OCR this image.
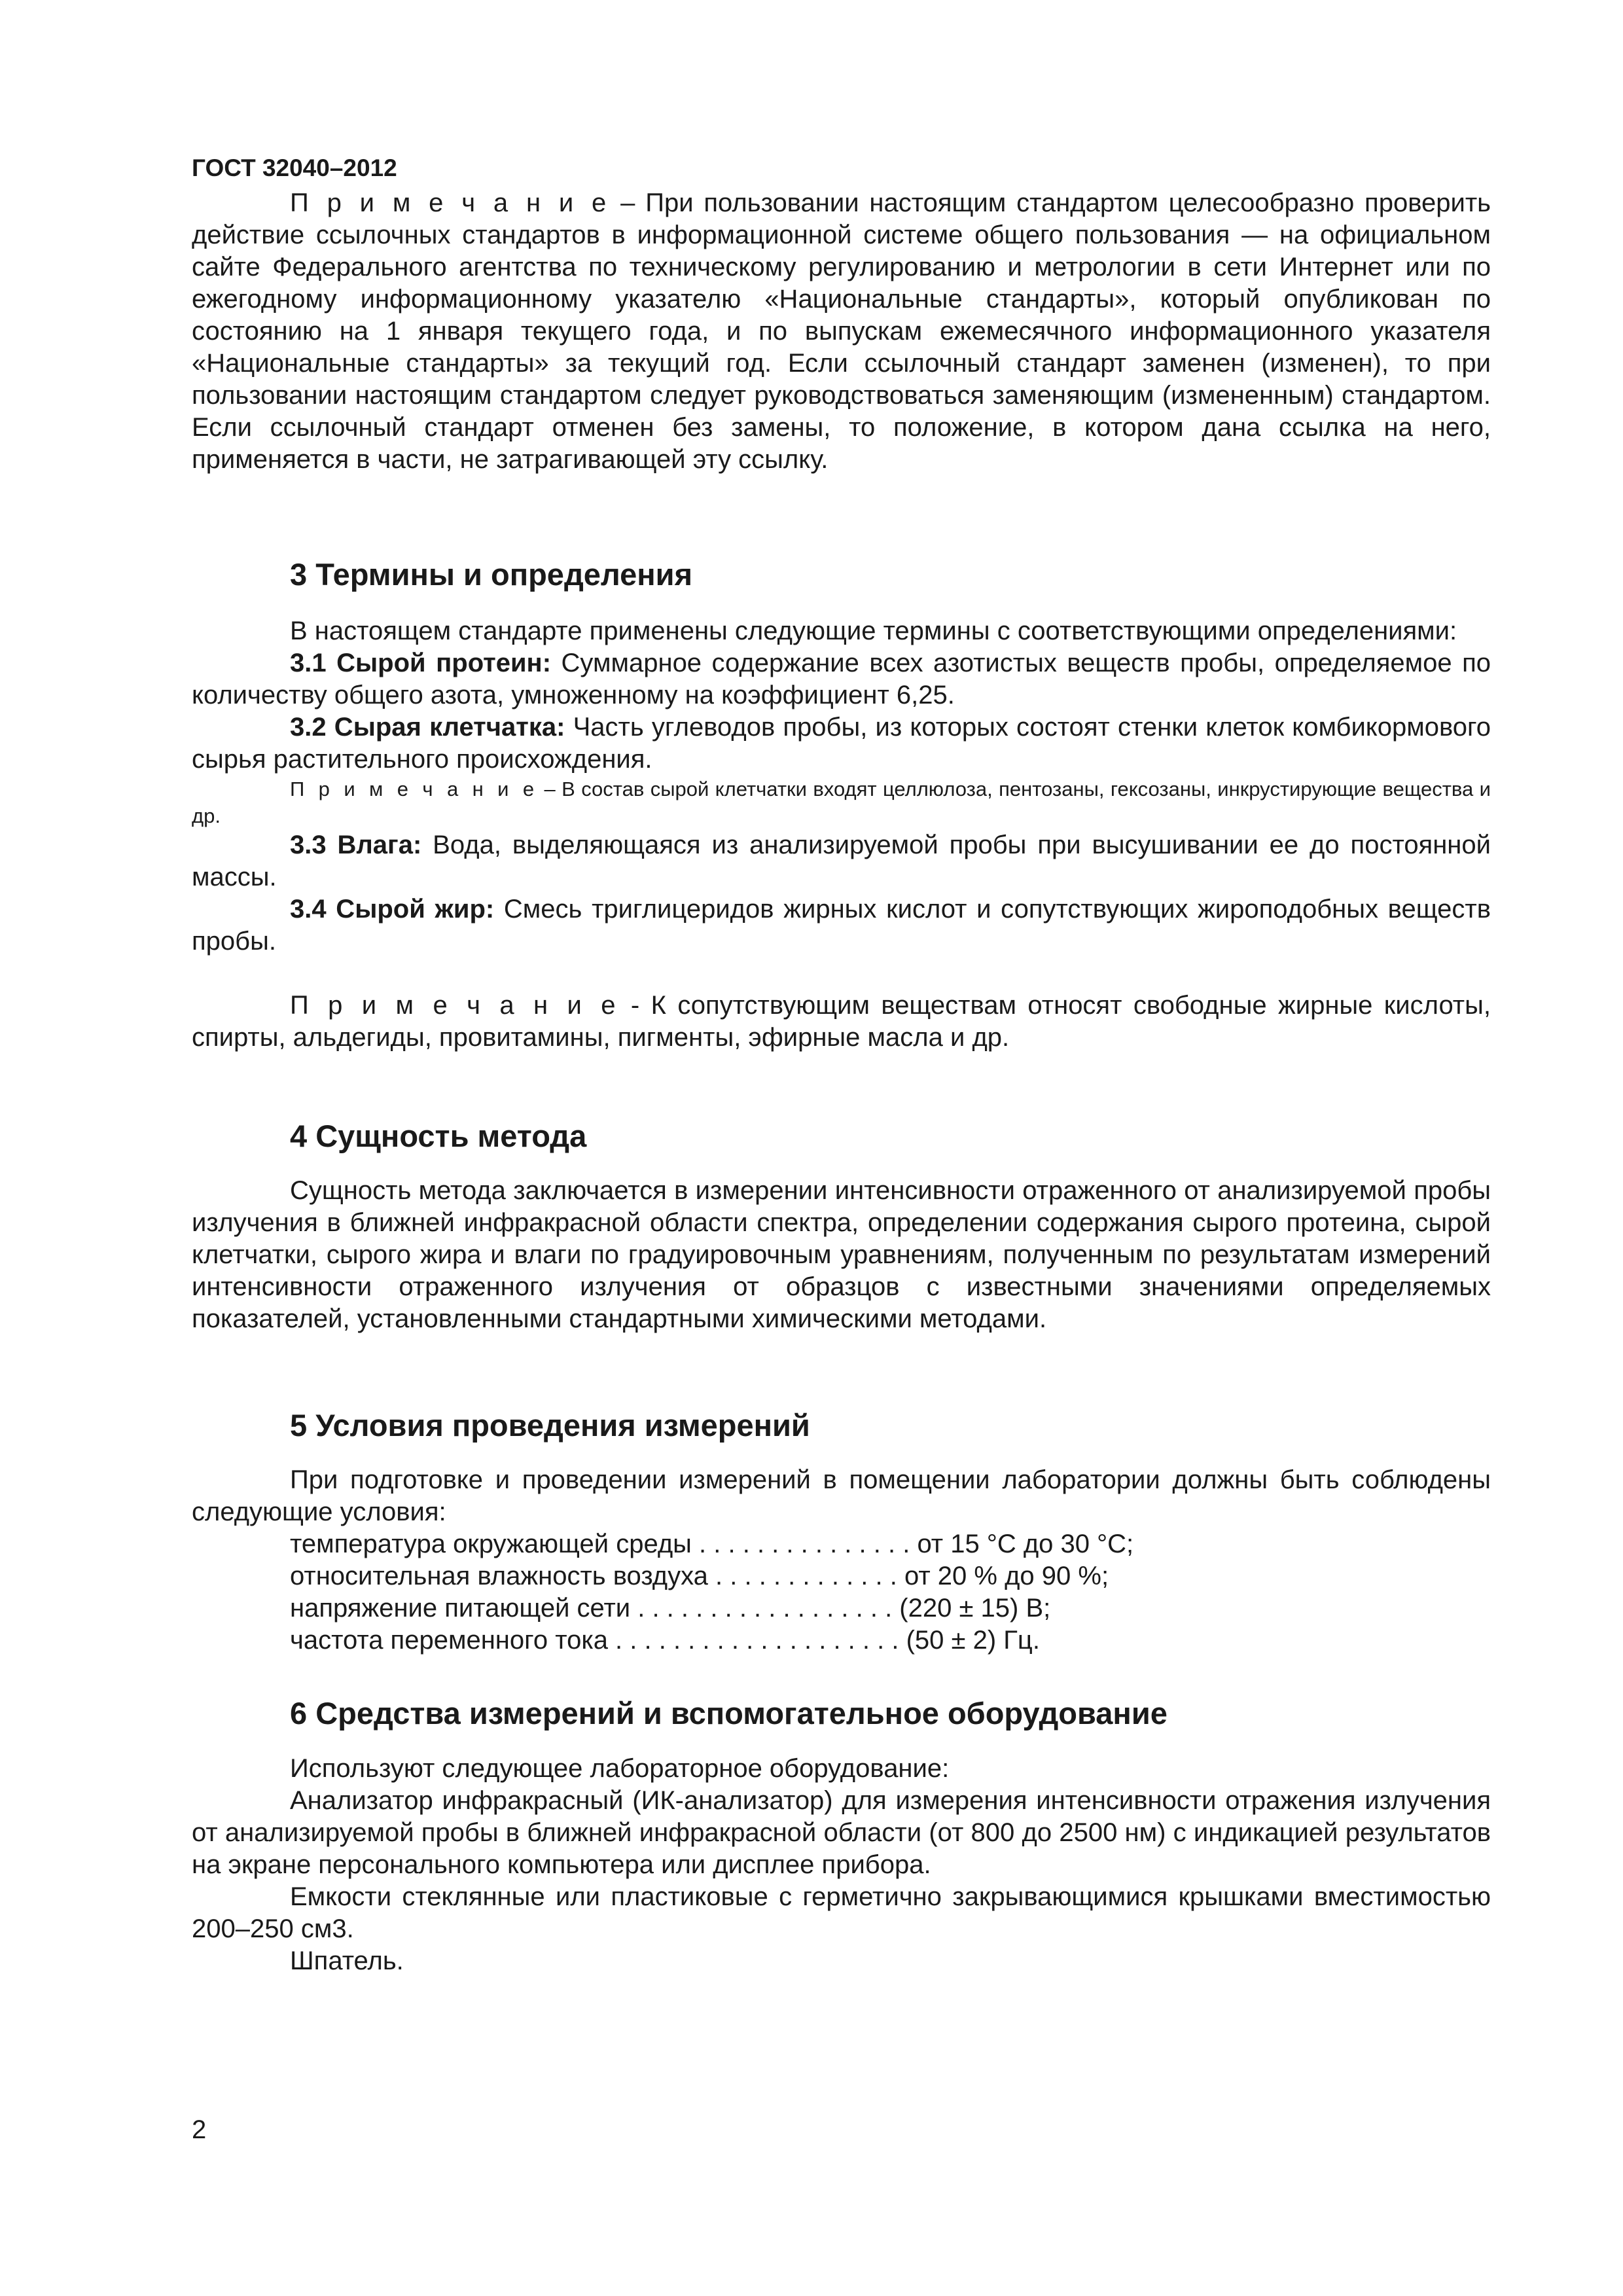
ГОСТ 32040–2012

П р и м е ч а н и е – При пользовании настоящим стандартом целесообразно проверить действие ссылочных стандартов в информационной системе общего пользования — на официальном сайте Федерального агентства по техническому регулированию и метрологии в сети Интернет или по ежегодному информационному указателю «Национальные стандарты», который опубликован по состоянию на 1 января текущего года, и по выпускам ежемесячного информационного указателя «Национальные стандарты» за текущий год. Если ссылочный стандарт заменен (изменен), то при пользовании настоящим стандартом следует руководствоваться заменяющим (измененным) стандартом. Если ссылочный стандарт отменен без замены, то положение, в котором дана ссылка на него, применяется в части, не затрагивающей эту ссылку.

3 Термины и определения

В настоящем стандарте применены следующие термины с соответствующими определениями:

3.1 Сырой протеин: Суммарное содержание всех азотистых веществ пробы, определяемое по количеству общего азота, умноженному на коэффициент 6,25.

3.2 Сырая клетчатка: Часть углеводов пробы, из которых состоят стенки клеток комбикормового сырья растительного происхождения.

П р и м е ч а н и е – В состав сырой клетчатки входят целлюлоза, пентозаны, гексозаны, инкрустирующие вещества и др.

3.3 Влага: Вода, выделяющаяся из анализируемой пробы при высушивании ее до постоянной массы.

3.4 Сырой жир: Смесь триглицеридов жирных кислот и сопутствующих жироподобных веществ пробы.

П р и м е ч а н и е - К сопутствующим веществам относят свободные жирные кислоты, спирты, альдегиды, провитамины, пигменты, эфирные масла и др.

4 Сущность метода

Сущность метода заключается в измерении интенсивности отраженного от анализируемой пробы излучения в ближней инфракрасной области спектра, определении содержания сырого протеина, сырой клетчатки, сырого жира и влаги по градуировочным уравнениям, полученным по результатам измерений интенсивности отраженного излучения от образцов с известными значениями определяемых показателей, установленными стандартными химическими методами.

5 Условия проведения измерений

При подготовке и проведении измерений в помещении лаборатории должны быть соблюдены следующие условия:

температура окружающей среды . . . . . . . . . . . . . . . от 15 °С до 30 °С;
относительная влажность воздуха . . . . . . . . . . . . . от 20 % до 90 %;
напряжение питающей сети . . . . . . . . . . . . . . . . . . (220 ± 15) В;
частота переменного тока . . . . . . . . . . . . . . . . . . . . (50 ± 2) Гц.
6 Средства измерений и вспомогательное оборудование

Используют следующее лабораторное оборудование:

Анализатор инфракрасный (ИК-анализатор) для измерения интенсивности отражения излучения от анализируемой пробы в ближней инфракрасной области (от 800 до 2500 нм) с индикацией результатов на экране персонального компьютера или дисплее прибора.

Емкости стеклянные или пластиковые с герметично закрывающимися крышками вместимостью 200–250 см3.

Шпатель.

2
